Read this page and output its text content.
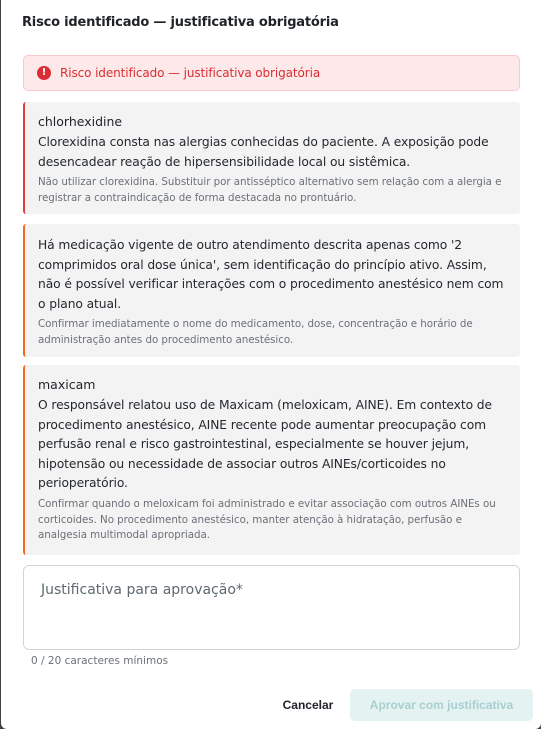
Risco identificado — justificativa obrigatória
!	Risco identificado — justificativa obrigatória
chlorhexidine
Clorexidina consta nas alergias conhecidas do paciente. A exposição pode desencadear reação de hipersensibilidade local ou sistêmica.
Não utilizar clorexidina. Substituir por antisséptico alternativo sem relação com a alergia e registrar a contraindicação de forma destacada no prontuário.
Há medicação vigente de outro atendimento descrita apenas como '2 comprimidos oral dose única', sem identificação do princípio ativo. Assim, não é possível verificar interações com o procedimento anestésico nem com o plano atual.
Confirmar imediatamente o nome do medicamento, dose, concentração e horário de administração antes do procedimento anestésico.
maxicam
O responsável relatou uso de Maxicam (meloxicam, AINE). Em contexto de procedimento anestésico, AINE recente pode aumentar preocupação com perfusão renal e risco gastrointestinal, especialmente se houver jejum, hipotensão ou necessidade de associar outros AINEs/corticoides no perioperatório.
Confirmar quando o meloxicam foi administrado e evitar associação com outros AINEs ou corticoides. No procedimento anestésico, manter atenção à hidratação, perfusão e analgesia multimodal apropriada.
Justificativa para aprovação*
0 / 20 caracteres mínimos
Cancelar	Aprovar com justificativa
